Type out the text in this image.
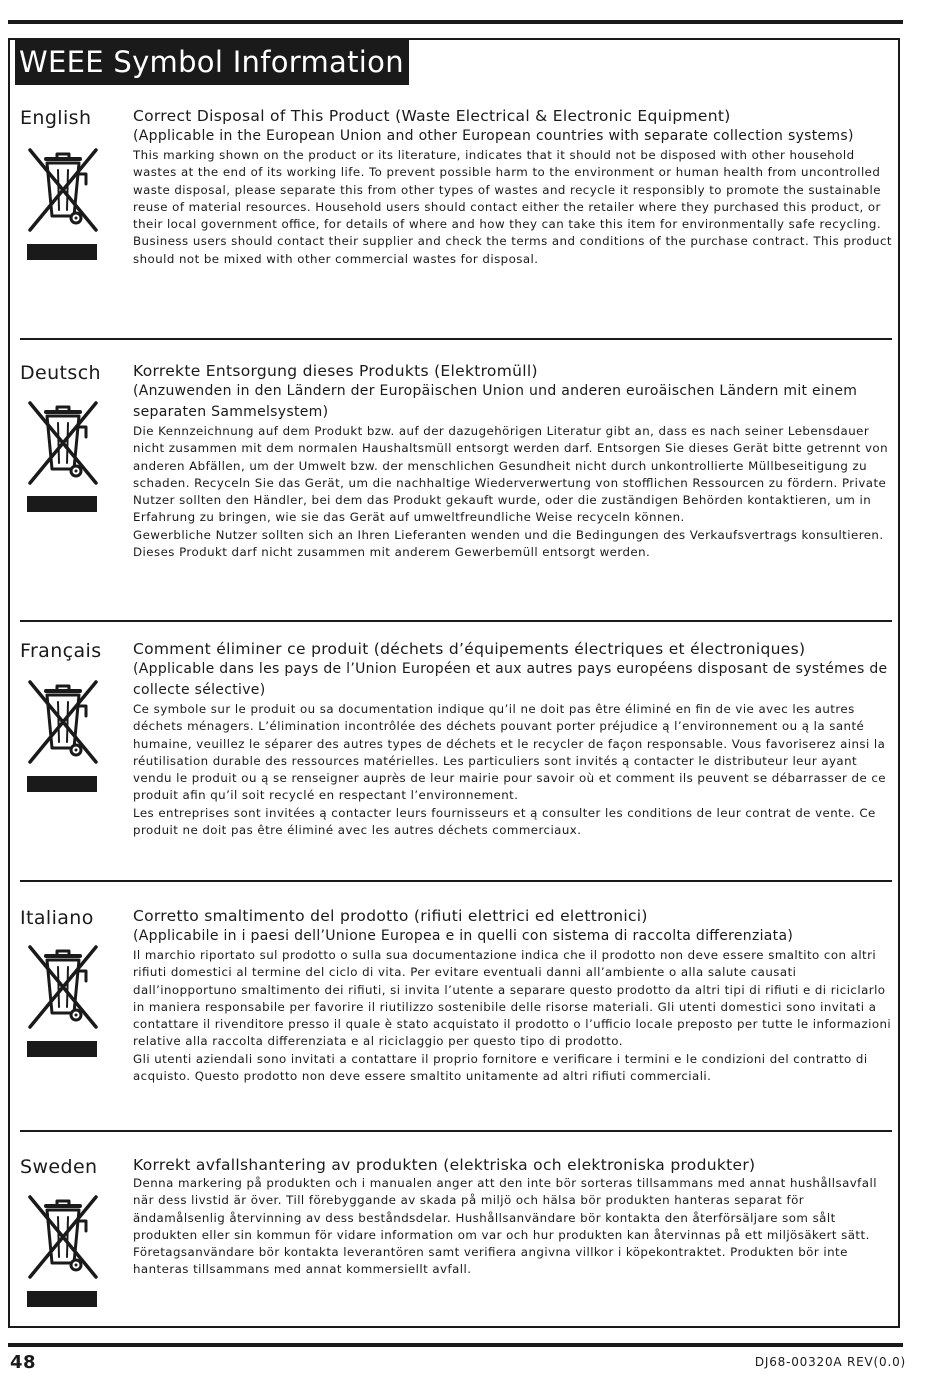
WEEE Symbol Information
English	Correct Disposal of This Product (Waste Electrical & Electronic Equipment)

(Applicable in the European Union and other European countries with separate collection systems)

This marking shown on the product or its literature, indicates that it should not be disposed with other household wastes at the end of its working life. To prevent possible harm to the environment or human health from uncontrolled waste disposal, please separate this from other types of wastes and recycle it responsibly to promote the sustainable reuse of material resources. Household users should contact either the retailer where they purchased this product, or their local government oﬃce, for details of where and how they can take this item for environmentally safe recycling.

Business users should contact their supplier and check the terms and conditions of the purchase contract. This product should not be mixed with other commercial wastes for disposal.

Deutsch Korrekte Entsorgung dieses Produkts (Elektromüll)

(Anzuwenden in den Ländern der Europäischen Union und anderen euroäischen Ländern mit einem separaten Sammelsystem)

Die Kennzeichnung auf dem Produkt bzw. auf der dazugehörigen Literatur gibt an, dass es nach seiner Lebensdauer nicht zusammen mit dem normalen Haushaltsmüll entsorgt werden darf. Entsorgen Sie dieses Gerät bitte getrennt von anderen Abfällen, um der Umwelt bzw. der menschlichen Gesundheit nicht durch unkontrollierte Müllbeseitigung zu schaden. Recyceln Sie das Gerät, um die nachhaltige Wiederverwertung von stoﬄichen Ressourcen zu fördern. Private Nutzer sollten den Händler, bei dem das Produkt gekauft wurde, oder die zuständigen Behörden kontaktieren, um in Erfahrung zu bringen, wie sie das Gerät auf umweltfreundliche Weise recyceln können.

Gewerbliche Nutzer sollten sich an Ihren Lieferanten wenden und die Bedingungen des Verkaufsvertrags konsultieren. Dieses Produkt darf nicht zusammen mit anderem Gewerbemüll entsorgt werden.

Français Comment éliminer ce produit (déchets d’équipements électriques et électroniques)

(Applicable dans les pays de l’Union Européen et aux autres pays européens disposant de systémes de collecte sélective)

Ce symbole sur le produit ou sa documentation indique qu’il ne doit pas être éliminé en ﬁn de vie avec les autres déchets ménagers. L’élimination incontrôlée des déchets pouvant porter préjudice ą l’environnement ou ą la santé humaine, veuillez le séparer des autres types de déchets et le recycler de façon responsable. Vous favoriserez ainsi la réutilisation durable des ressources matérielles. Les particuliers sont invités ą contacter le distributeur leur ayant vendu le produit ou ą se renseigner auprès de leur mairie pour savoir où et comment ils peuvent se débarrasser de ce produit aﬁn qu’il soit recyclé en respectant l’environnement.

Les entreprises sont invitées ą contacter leurs fournisseurs et ą consulter les conditions de leur contrat de vente. Ce produit ne doit pas être éliminé avec les autres déchets commerciaux.

Italiano	Corretto smaltimento del prodotto (riﬁuti elettrici ed elettronici)

(Applicabile in i paesi dell’Unione Europea e in quelli con sistema di raccolta diﬀerenziata)

Il marchio riportato sul prodotto o sulla sua documentazione indica che il prodotto non deve essere smaltito con altri riﬁuti domestici al termine del ciclo di vita. Per evitare eventuali danni all’ambiente o alla salute causati dall’inopportuno smaltimento dei riﬁuti, si invita l’utente a separare questo prodotto da altri tipi di riﬁuti e di riciclarlo in maniera responsabile per favorire il riutilizzo sostenibile delle risorse materiali. Gli utenti domestici sono invitati a contattare il rivenditore presso il quale è stato acquistato il prodotto o l’uﬃcio locale preposto per tutte le informazioni relative alla raccolta diﬀerenziata e al riciclaggio per questo tipo di prodotto.

Gli utenti aziendali sono invitati a contattare il proprio fornitore e veriﬁcare i termini e le condizioni del contratto di acquisto. Questo prodotto non deve essere smaltito unitamente ad altri riﬁuti commerciali.

Sweden Korrekt avfallshantering av produkten (elektriska och elektroniska produkter)

Denna markering på produkten och i manualen anger att den inte bör sorteras tillsammans med annat hushållsavfall när dess livstid är över. Till förebyggande av skada på miljö och hälsa bör produkten hanteras separat för ändamålsenlig återvinning av dess beståndsdelar. Hushållsanvändare bör kontakta den återförsäljare som sålt produkten eller sin kommun för vidare information om var och hur produkten kan återvinnas på ett miljösäkert sätt.

Företagsanvändare bör kontakta leverantören samt veriﬁera angivna villkor i köpekontraktet. Produkten bör inte hanteras tillsammans med annat kommersiellt avfall.

48	DJ68-00320A REV(0.0)
